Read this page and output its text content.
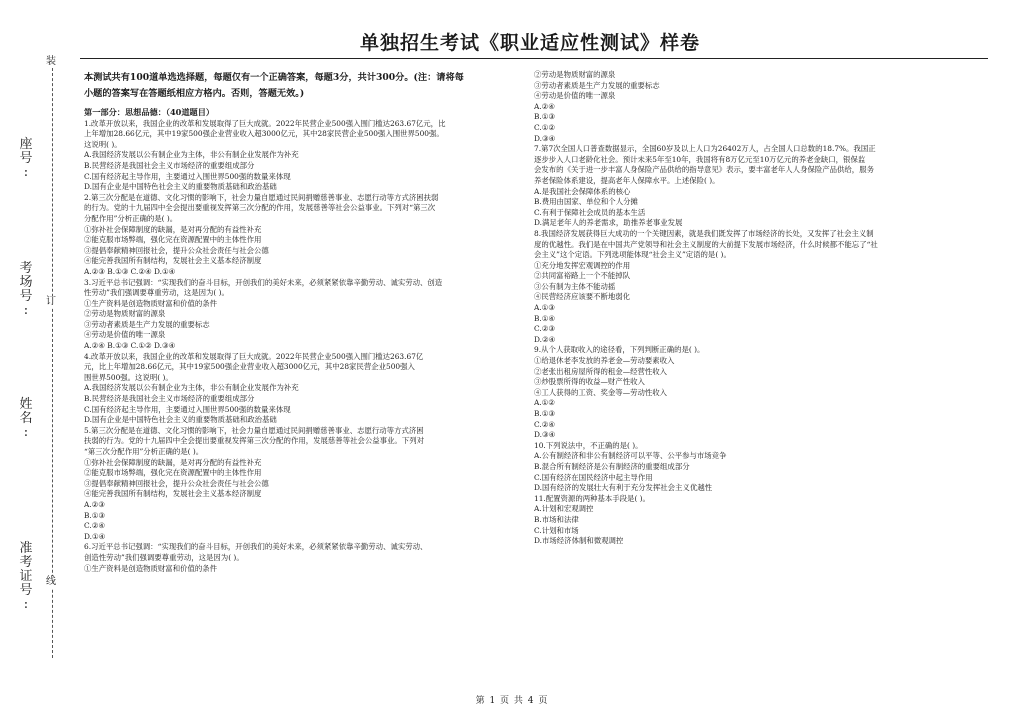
装
订
线
座
号
:
考
场
号
:
姓
名
:
准
考
证
号
:
单独招生考试《职业适应性测试》样卷
本测试共有100道单选选择题，每题仅有一个正确答案，每题3分，共计300分。(注：请将每
小题的答案写在答题纸相应方格内。否则，答题无效。)
第一部分：思想品德：（40道题目）
1.改革开放以来，我国企业的改革和发展取得了巨大成就。2022年民营企业500强入围门槛达263.67亿元，比
上年增加28.66亿元，其中19家500强企业营业收入超3000亿元，其中28家民营企业500强入围世界500强。
这说明( )。
A.我国经济发展以公有制企业为主体，非公有制企业发展作为补充
B.民营经济是我国社会主义市场经济的重要组成部分
C.国有经济起主导作用，主要通过入围世界500强的数量来体现
D.国有企业是中国特色社会主义的重要物质基础和政治基础
2.第三次分配是在道德、文化习惯的影响下，社会力量自愿通过民间捐赠慈善事业、志愿行动等方式济困扶弱
的行为。党的十九届四中全会提出要重视发挥第三次分配的作用，发展慈善等社会公益事业。下列对“第三次
分配作用”分析正确的是( )。
①弥补社会保障制度的缺漏，是对再分配的有益性补充
②能克服市场弊端，强化完在资源配置中的主体性作用
③提倡奉献精神回报社会，提升公众社会责任与社会公德
④能完善我国所有制结构，发展社会主义基本经济制度
A.②③ B.①③ C.②④ D.①④
3.习近平总书记强调：“实现我们的奋斗目标，开创我们的美好未来，必须紧紧依靠辛勤劳动、诚实劳动、创造
性劳动”我们强调要尊重劳动，这是因为( )。
①生产资料是创造物质财富和价值的条件
②劳动是物质财富的源泉
③劳动者素质是生产力发展的重要标志
④劳动是价值的唯一源泉
A.②④ B.①③ C.①② D.③④
4.改革开放以来，我国企业的改革和发展取得了巨大成就。2022年民营企业500强入围门槛达263.67亿
元，比上年增加28.66亿元，其中19家500强企业营业收入超3000亿元，其中28家民营企业500强入
围世界500强。这说明( )。
A.我国经济发展以公有制企业为主体，非公有制企业发展作为补充
B.民营经济是我国社会主义市场经济的重要组成部分
C.国有经济起主导作用，主要通过入围世界500强的数量来体现
D.国有企业是中国特色社会主义的重要物质基础和政治基础
5.第三次分配是在道德、文化习惯的影响下，社会力量自愿通过民间捐赠慈善事业、志愿行动等方式济困
扶弱的行为。党的十九届四中全会提出要重视发挥第三次分配的作用，发展慈善等社会公益事业。下列对
“第三次分配作用”分析正确的是( )。
①弥补社会保障制度的缺漏，是对再分配的有益性补充
②能克服市场弊端，强化完在资源配置中的主体性作用
③提倡奉献精神回报社会，提升公众社会责任与社会公德
④能完善我国所有制结构，发展社会主义基本经济制度
A.②③
B.①③
C.②④
D.①④
6.习近平总书记强调：“实现我们的奋斗目标，开创我们的美好未来，必须紧紧依靠辛勤劳动、诚实劳动、
创造性劳动”我们强调要尊重劳动，这是因为( )。
①生产资料是创造物质财富和价值的条件
②劳动是物质财富的源泉
③劳动者素质是生产力发展的重要标志
④劳动是价值的唯一源泉
A.②④
B.①③
C.①②
D.③④
7.第7次全国人口普查数据显示，全国60岁及以上人口为26402万人，占全国人口总数的18.7%。我国正
逐步步入人口老龄化社会。预计未来5年至10年，我国将有8万亿元至10万亿元的养老金缺口，银保监
会发布的《关于进一步丰富人身保险产品供给的指导意见》表示，要丰富老年人人身保险产品供给，服务
养老保险体系建设，提高老年人保障水平。上述保险( )。
A.是我国社会保障体系的核心
B.费用由国家、单位和个人分摊
C.有利于保障社会成员的基本生活
D.满足老年人的养老需求，助推养老事业发展
8.我国经济发展获得巨大成功的一个关键因素，就是我们既发挥了市场经济的长处，又发挥了社会主义制
度的优越性。我们是在中国共产党领导和社会主义制度的大前提下发展市场经济，什么时候都不能忘了“社
会主义”这个定语。下列选项能体现“社会主义”定语的是( )。
①充分地发挥宏观调控的作用
②共同富裕路上一个不能掉队
③公有制为主体不能动摇
④民营经济应该要不断地弱化
A.①③
B.①④
C.②③
D.②④
9.从个人获取收入的途径看，下列判断正确的是( )。
①给退休老李发放的养老金—劳动要素收入
②老张出租房屋所得的租金—经营性收入
③炒股票所得的收益—财产性收入
④工人获得的工资、奖金等—劳动性收入
A.①②
B.①③
C.②④
D.③④
10.下列说法中，不正确的是( )。
A.公有制经济和非公有制经济可以平等、公平参与市场竞争
B.混合所有制经济是公有制经济的重要组成部分
C.国有经济在国民经济中起主导作用
D.国有经济的发展壮大有利于充分发挥社会主义优越性
11.配置资源的两种基本手段是( )。
A.计划和宏观调控
B.市场和法律
C.计划和市场
D.市场经济体制和微观调控
第 1 页 共 4 页
